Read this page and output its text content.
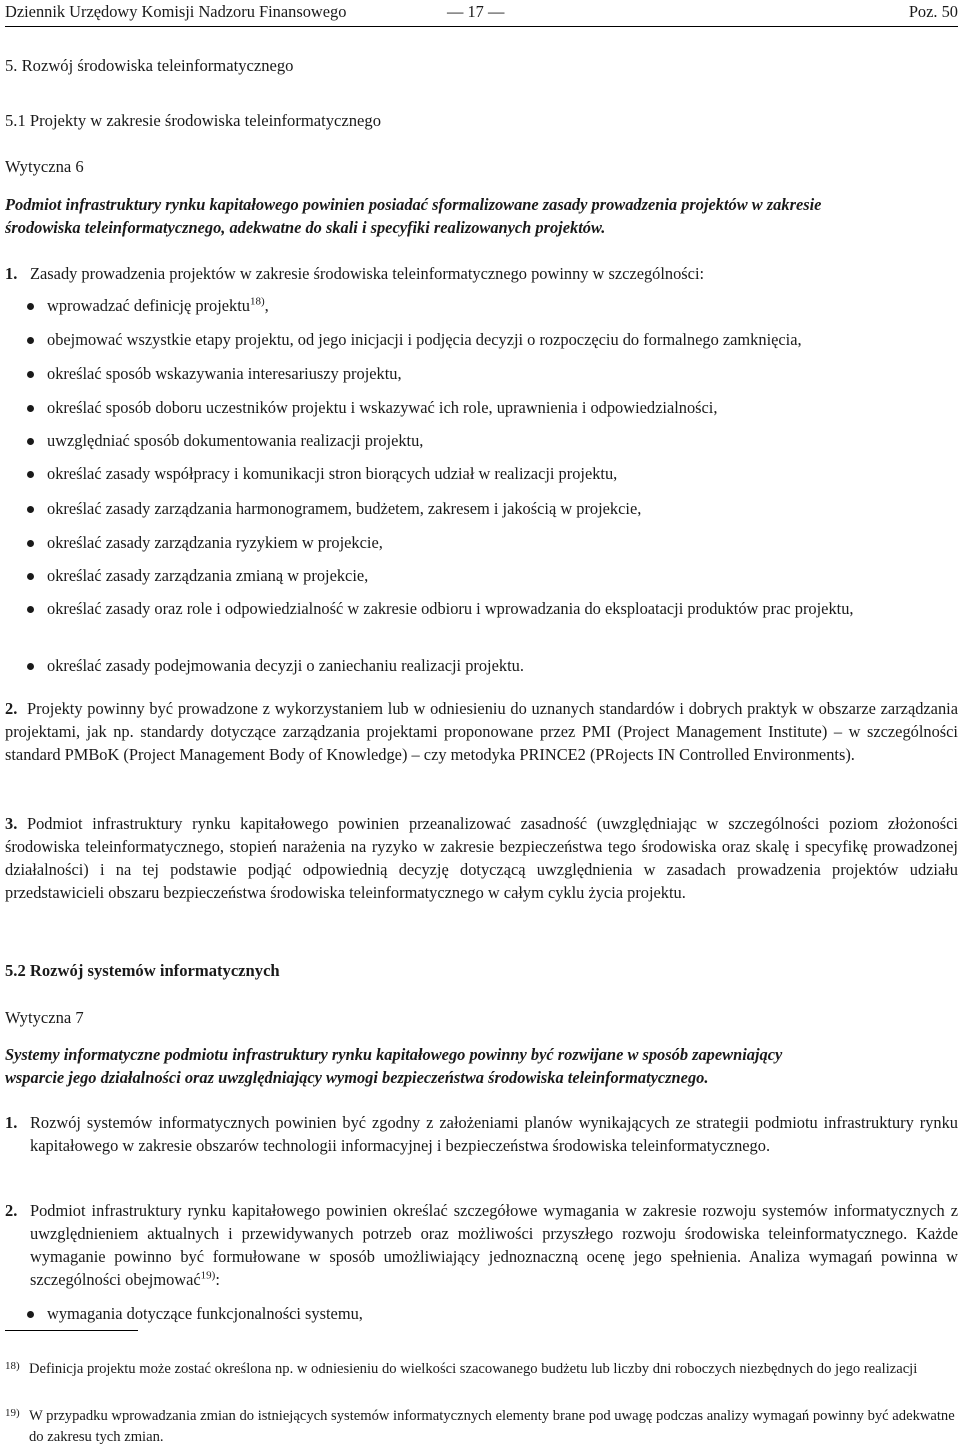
Dziennik Urzędowy Komisji Nadzoru Finansowego	— 17 —	Poz. 50
5. Rozwój środowiska teleinformatycznego
5.1 Projekty w zakresie środowiska teleinformatycznego
Wytyczna 6
Podmiot infrastruktury rynku kapitałowego powinien posiadać sformalizowane zasady prowadzenia projektów w zakresie
środowiska teleinformatycznego, adekwatne do skali i specyfiki realizowanych projektów.
1. Zasady prowadzenia projektów w zakresie środowiska teleinformatycznego powinny w szczególności:
wprowadzać definicję projektu$^{18)}$,
obejmować wszystkie etapy projektu, od jego inicjacji i podjęcia decyzji o rozpoczęciu do formalnego zamknięcia,
określać sposób wskazywania interesariuszy projektu,
określać sposób doboru uczestników projektu i wskazywać ich role, uprawnienia i odpowiedzialności,
uwzględniać sposób dokumentowania realizacji projektu,
określać zasady współpracy i komunikacji stron biorących udział w realizacji projektu,
określać zasady zarządzania harmonogramem, budżetem, zakresem i jakością w projekcie,
określać zasady zarządzania ryzykiem w projekcie,
określać zasady zarządzania zmianą w projekcie,
określać zasady oraz role i odpowiedzialność w zakresie odbioru i wprowadzania do eksploatacji produktów prac projektu,
określać zasady podejmowania decyzji o zaniechaniu realizacji projektu.
2. Projekty powinny być prowadzone z wykorzystaniem lub w odniesieniu do uznanych standardów i dobrych praktyk w obszarze zarządzania projektami, jak np. standardy dotyczące zarządzania projektami proponowane przez PMI (Project Management Institute) – w szczególności standard PMBoK (Project Management Body of Knowledge) – czy metodyka PRINCE2 (PRojects IN Controlled Environments).
3. Podmiot infrastruktury rynku kapitałowego powinien przeanalizować zasadność (uwzględniając w szczególności poziom złożoności środowiska teleinformatycznego, stopień narażenia na ryzyko w zakresie bezpieczeństwa tego środowiska oraz skalę i specyfikę prowadzonej działalności) i na tej podstawie podjąć odpowiednią decyzję dotyczącą uwzględnienia w zasadach prowadzenia projektów udziału przedstawicieli obszaru bezpieczeństwa środowiska teleinformatycznego w całym cyklu życia projektu.
5.2 Rozwój systemów informatycznych
Wytyczna 7
Systemy informatyczne podmiotu infrastruktury rynku kapitałowego powinny być rozwijane w sposób zapewniający
wsparcie jego działalności oraz uwzględniający wymogi bezpieczeństwa środowiska teleinformatycznego.
1. Rozwój systemów informatycznych powinien być zgodny z założeniami planów wynikających ze strategii podmiotu infrastruktury rynku kapitałowego w zakresie obszarów technologii informacyjnej i bezpieczeństwa środowiska teleinformatycznego.
2. Podmiot infrastruktury rynku kapitałowego powinien określać szczegółowe wymagania w zakresie rozwoju systemów informatycznych z uwzględnieniem aktualnych i przewidywanych potrzeb oraz możliwości przyszłego rozwoju środowiska teleinformatycznego. Każde wymaganie powinno być formułowane w sposób umożliwiający jednoznaczną ocenę jego spełnienia. Analiza wymagań powinna w szczególności obejmować$^{19)}$:
wymagania dotyczące funkcjonalności systemu,
18) Definicja projektu może zostać określona np. w odniesieniu do wielkości szacowanego budżetu lub liczby dni roboczych niezbędnych do jego realizacji
19) W przypadku wprowadzania zmian do istniejących systemów informatycznych elementy brane pod uwagę podczas analizy wymagań powinny być adekwatne do zakresu tych zmian.
